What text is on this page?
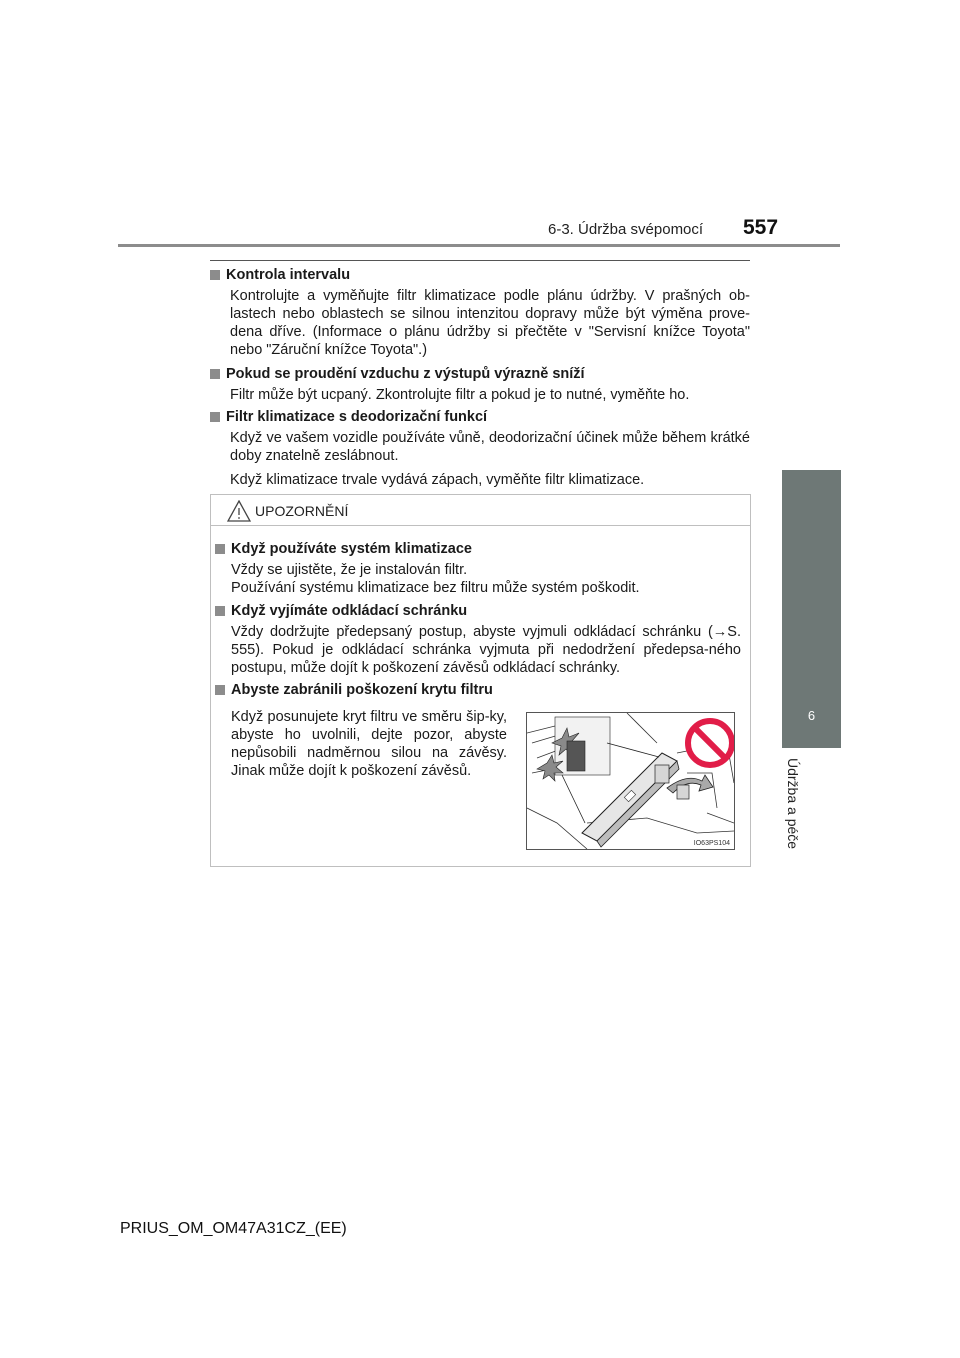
6-3. Údržba svépomocí 557
6
Údržba a péče
Kontrola intervalu
Kontrolujte a vyměňujte filtr klimatizace podle plánu údržby. V prašných ob-lastech nebo oblastech se silnou intenzitou dopravy může být výměna prove-dena dříve. (Informace o plánu údržby si přečtěte v "Servisní knížce Toyota" nebo "Záruční knížce Toyota".)
Pokud se proudění vzduchu z výstupů výrazně sníží
Filtr může být ucpaný. Zkontrolujte filtr a pokud je to nutné, vyměňte ho.
Filtr klimatizace s deodorizační funkcí
Když ve vašem vozidle používáte vůně, deodorizační účinek může během krátké doby znatelně zeslábnout.
Když klimatizace trvale vydává zápach, vyměňte filtr klimatizace.
UPOZORNĚNÍ
Když používáte systém klimatizace
Vždy se ujistěte, že je instalován filtr.
Používání systému klimatizace bez filtru může systém poškodit.
Když vyjímáte odkládací schránku
Vždy dodržujte předepsaný postup, abyste vyjmuli odkládací schránku (→S. 555). Pokud je odkládací schránka vyjmuta při nedodržení předepsa-ného postupu, může dojít k poškození závěsů odkládací schránky.
Abyste zabránili poškození krytu filtru
Když posunujete kryt filtru ve směru šip-ky, abyste ho uvolnili, dejte pozor, abyste nepůsobili nadměrnou silou na závěsy. Jinak může dojít k poškození závěsů.
IO63PS104
PRIUS_OM_OM47A31CZ_(EE)
